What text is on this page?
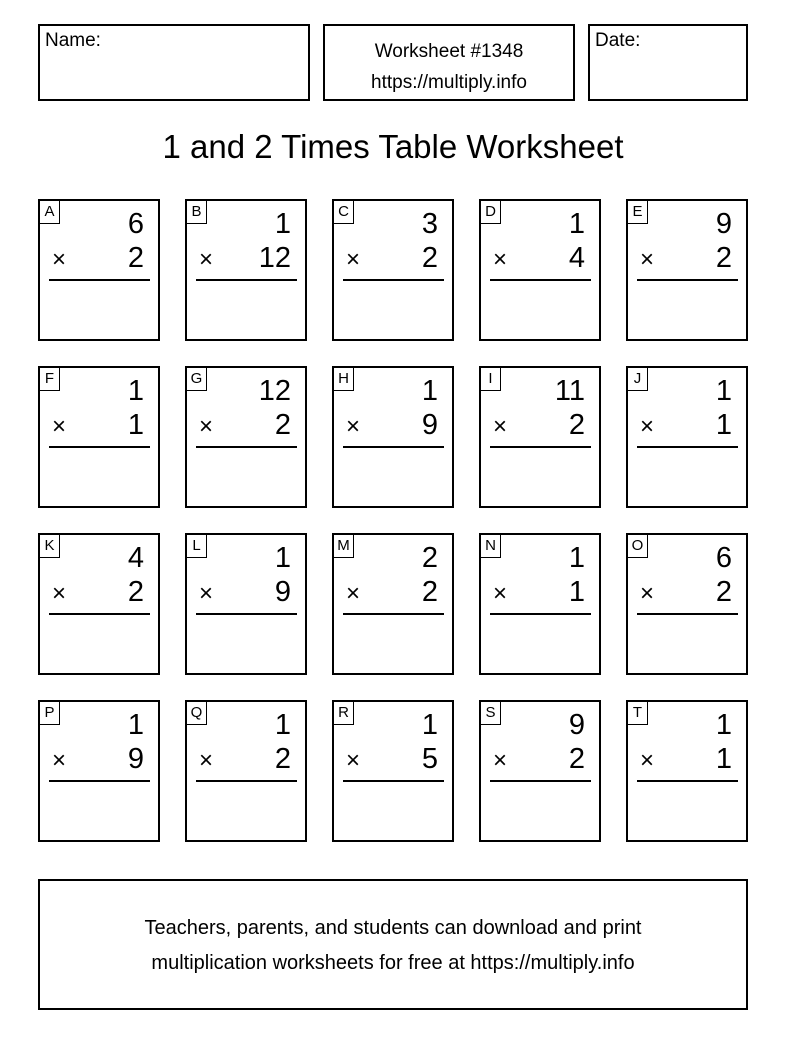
Name:
Worksheet #1348
https://multiply.info
Date:
1 and 2 Times Table Worksheet
A	6
× 2
B	1
× 12
C	3
× 2
D	1
× 4
E	9
× 2
F	1
× 1
G 12
× 2
H	1
× 9
I 11
× 2
J	1
× 1
K	4
× 2
L	1
× 9
M 2
× 2
N	1
× 1
O	6
× 2
P	1
× 9
Q	1
× 2
R	1
× 5
S	9
× 2
T	1
× 1
Teachers, parents, and students can download and print
multiplication worksheets for free at https://multiply.info
